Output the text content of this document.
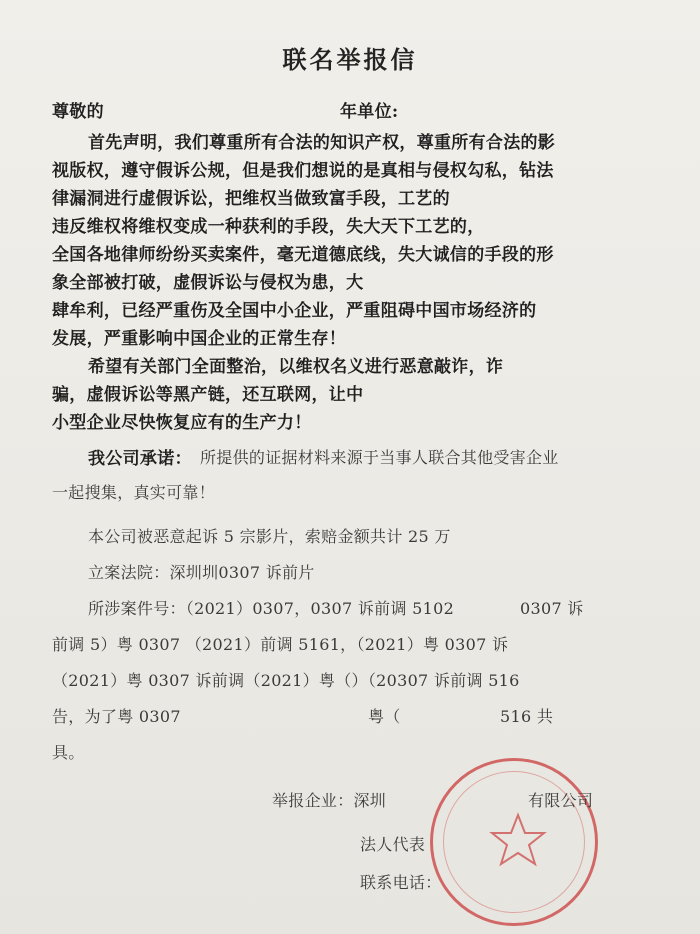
联名举报信
尊敬的	年单位:
首先声明，我们尊重所有合法的知识产权，尊重所有合法的影
视版权，遵守假诉公规，但是我们想说的是真相与侵权勾私，钻法
律漏洞进行虚假诉讼，把维权当做致富手段，工艺的
违反维权将维权变成一种获利的手段，失大天下工艺的，
全国各地律师纷纷买卖案件，毫无道德底线，失大诚信的手段的形
象全部被打破，虚假诉讼与侵权为患，大
肆牟利，已经严重伤及全国中小企业，严重阻碍中国市场经济的
发展，严重影响中国企业的正常生存！
希望有关部门全面整治，以维权名义进行恶意敲诈，诈
骗，虚假诉讼等黑产链，还互联网，让中
小型企业尽快恢复应有的生产力！
我公司承诺： 所提供的证据材料来源于当事人联合其他受害企业
一起搜集，真实可靠！
本公司被恶意起诉 5 宗影片，索赔金额共计 25 万
立案法院：深圳圳0307 诉前片
所涉案件号：（2021）0307，0307 诉前调 5102	0307 诉
前调 5）粤 0307 （2021）前调 5161，（2021）粤 0307 诉
（2021）粤 0307 诉前调（2021）粤（）（20307 诉前调 516
告，为了粤 0307	粤（	516 共
具。
举报企业：深圳	有限公司
法人代表
联系电话：
